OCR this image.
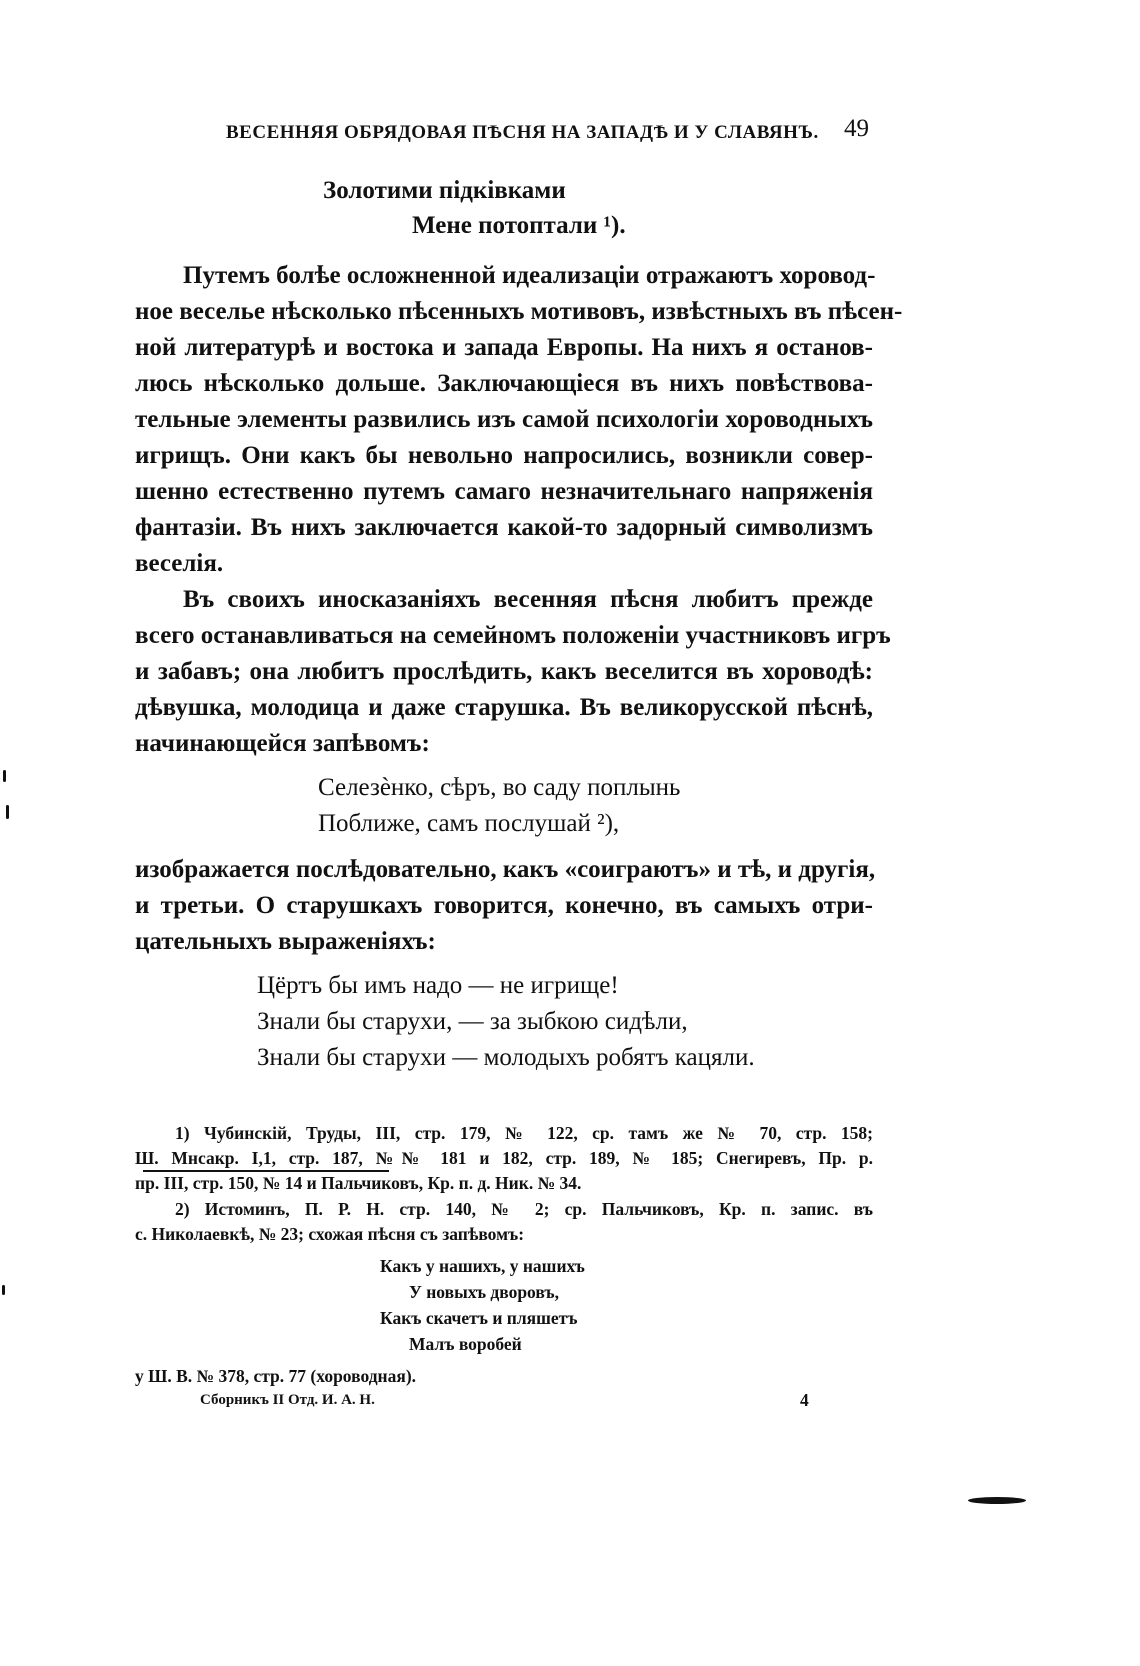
ВЕСЕННЯЯ ОБРЯДОВАЯ ПѢСНЯ НА ЗАПАДѢ И У СЛАВЯНЪ. 49
Золотими підківками
Мене потоптали ¹).
Путемъ болѣе осложненной идеализаціи отражаютъ хоровод-
ное веселье нѣсколько пѣсенныхъ мотивовъ, извѣстныхъ въ пѣсен-
ной литературѣ и востока и запада Европы. На нихъ я останов-
люсь нѣсколько дольше. Заключающіеся въ нихъ повѣствова-
тельные элементы развились изъ самой психологіи хороводныхъ
игрищъ. Они какъ бы невольно напросились, возникли совер-
шенно естественно путемъ самаго незначительнаго напряженія
фантазіи. Въ нихъ заключается какой-то задорный символизмъ
веселія.
Въ своихъ иносказаніяхъ весенняя пѣсня любитъ прежде
всего останавливаться на семейномъ положеніи участниковъ игръ
и забавъ; она любитъ прослѣдить, какъ веселится въ хороводѣ:
дѣвушка, молодица и даже старушка. Въ великорусской пѣснѣ,
начинающейся запѣвомъ:
Селезѐнко, сѣръ, во саду поплынь
Поближе, самъ послушай ²),
изображается послѣдовательно, какъ «соиграютъ» и тѣ, и другія,
и третьи. О старушкахъ говорится, конечно, въ самыхъ отри-
цательныхъ выраженіяхъ:
Цёртъ бы имъ надо — не игрище!
Знали бы старухи, — за зыбкою сидѣли,
Знали бы старухи — молодыхъ робятъ кацяли.
1) Чубинскій, Труды, III, стр. 179, № 122, ср. тамъ же № 70, стр. 158;
Ш. Мнсакр. I,1, стр. 187, №№ 181 и 182, стр. 189, № 185; Снегиревъ, Пр. р.
пр. III, стр. 150, № 14 и Пальчиковъ, Кр. п. д. Ник. № 34.
2) Истоминъ, П. Р. Н. стр. 140, № 2; ср. Пальчиковъ, Кр. п. запис. въ
с. Николаевкѣ, № 23; схожая пѣсня съ запѣвомъ:
Какъ у нашихъ, у нашихъ
У новыхъ дворовъ,
Какъ скачетъ и пляшетъ
Малъ воробей
у Ш. В. № 378, стр. 77 (хороводная).
Сборникъ II Отд. И. А. Н.	4
